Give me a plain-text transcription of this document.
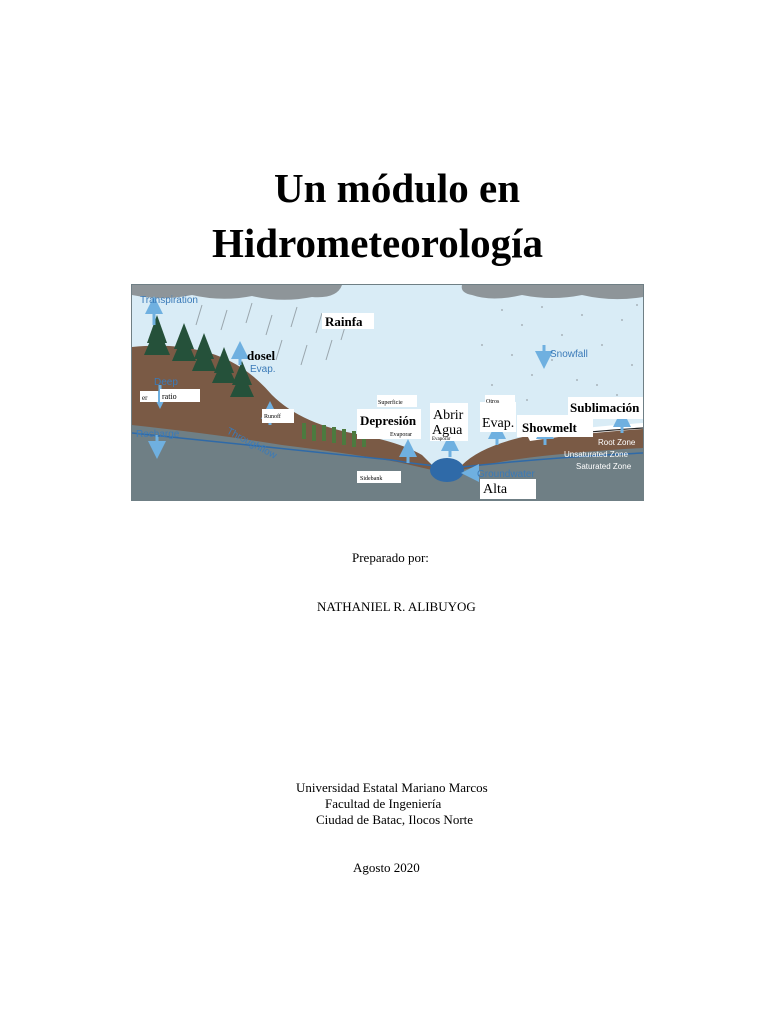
Un módulo en
Hidrometeorología
Transpiration
Evap.
Deep
Recharge	Throughflow
Snowfall
Groundwater
Root Zone
Unsaturated Zone
Saturated Zone
Rainfa
dosel
er ratio
Runoff
Superficie
Depresión
Evaporar
Abrir
Agua
Evaporar
Otros
Evap. Showmelt
Sublimación
Sidebank
Alta
Preparado por:
NATHANIEL R. ALIBUYOG
Universidad Estatal Mariano Marcos
Facultad de Ingeniería
Ciudad de Batac, Ilocos Norte
Agosto 2020
